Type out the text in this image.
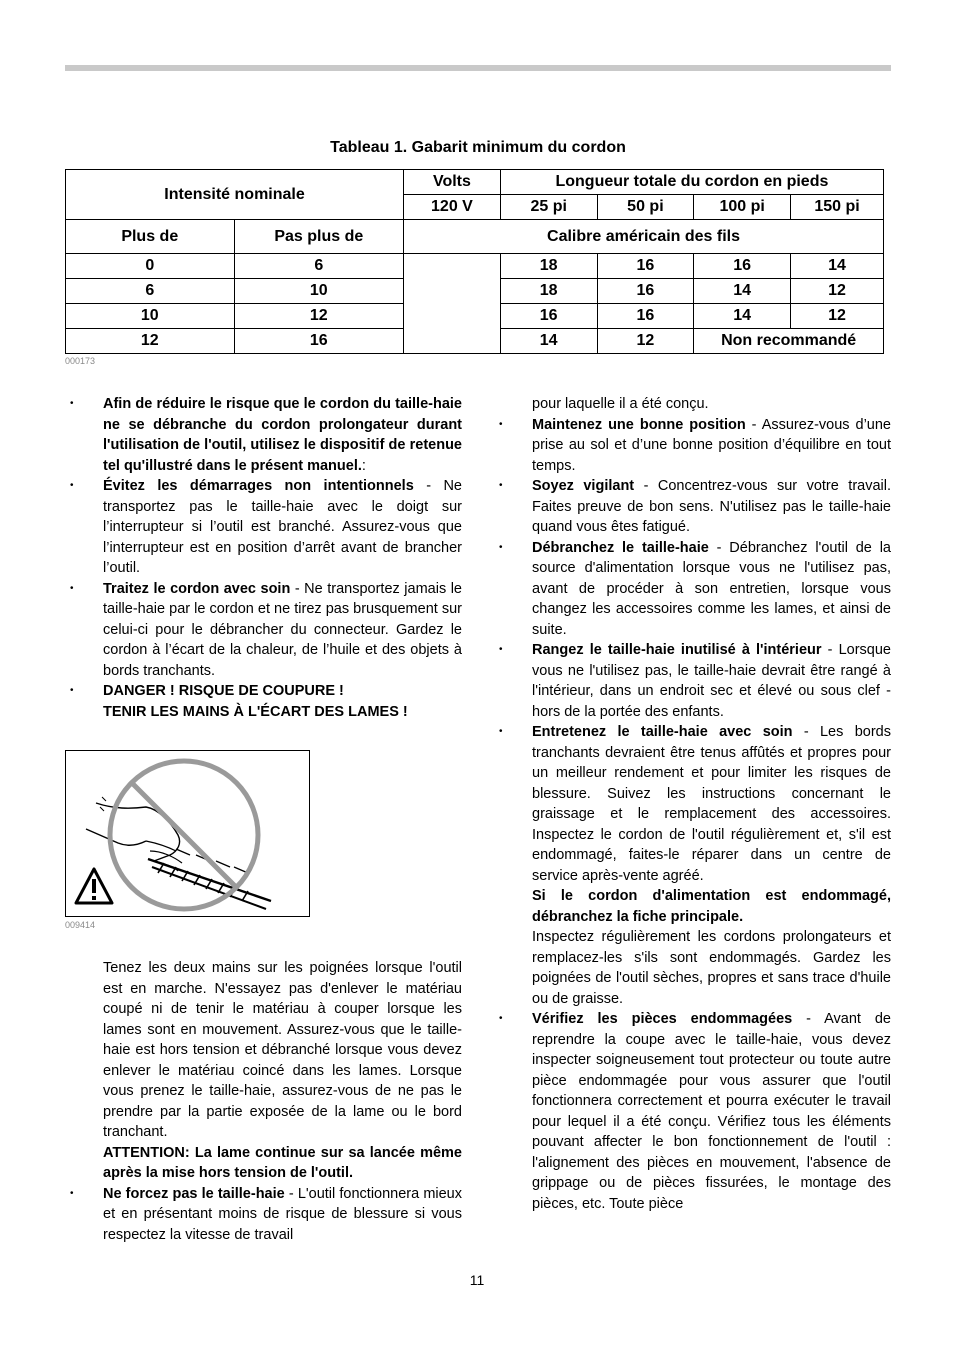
Tableau 1. Gabarit minimum du cordon
Intensité nominale		Volts	Longueur totale du cordon en pieds			
		120 V	25 pi	50 pi	100 pi	150 pi
Plus de	Pas plus de	Calibre américain des fils				
0	6		18	16	16	14
6	10		18	16	14	12
10	12		16	16	14	12
12	16		14	12	Non recommandé	
000173
• Afin de réduire le risque que le cordon du taille-haie ne se débranche du cordon prolongateur durant l'utilisation de l'outil, utilisez le dispositif de retenue tel qu'illustré dans le présent manuel.:

• Évitez les démarrages non intentionnels - Ne transportez pas le taille-haie avec le doigt sur l’interrupteur si l’outil est branché. Assurez-vous que l’interrupteur est en position d’arrêt avant de brancher l’outil.

• Traitez le cordon avec soin - Ne transportez jamais le taille-haie par le cordon et ne tirez pas brusquement sur celui-ci pour le débrancher du connecteur. Gardez le cordon à l’écart de la chaleur, de l’huile et des objets à bords tranchants.

• DANGER ! RISQUE DE COUPURE !

TENIR LES MAINS À L'ÉCART DES LAMES !

009414

Tenez les deux mains sur les poignées lorsque l'outil est en marche. N'essayez pas d'enlever le matériau coupé ni de tenir le matériau à couper lorsque les lames sont en mouvement. Assurez-vous que le taille-haie est hors tension et débranché lorsque vous devez enlever le matériau coincé dans les lames. Lorsque vous prenez le taille-haie, assurez-vous de ne pas le prendre par la partie exposée de la lame ou le bord tranchant.

ATTENTION: La lame continue sur sa lancée même après la mise hors tension de l'outil.

• Ne forcez pas le taille-haie - L'outil fonctionnera mieux et en présentant moins de risque de blessure si vous respectez la vitesse de travail

pour laquelle il a été conçu.

• Maintenez une bonne position - Assurez-vous d’une prise au sol et d’une bonne position d’équilibre en tout temps.

• Soyez vigilant - Concentrez-vous sur votre travail. Faites preuve de bon sens. N'utilisez pas le taille-haie quand vous êtes fatigué.

• Débranchez le taille-haie - Débranchez l'outil de la source d'alimentation lorsque vous ne l'utilisez pas, avant de procéder à son entretien, lorsque vous changez les accessoires comme les lames, et ainsi de suite.

• Rangez le taille-haie inutilisé à l'intérieur - Lorsque vous ne l'utilisez pas, le taille-haie devrait être rangé à l'intérieur, dans un endroit sec et élevé ou sous clef - hors de la portée des enfants.

• Entretenez le taille-haie avec soin - Les bords tranchants devraient être tenus affûtés et propres pour un meilleur rendement et pour limiter les risques de blessure. Suivez les instructions concernant le graissage et le remplacement des accessoires. Inspectez le cordon de l'outil régulièrement et, s'il est endommagé, faites-le réparer dans un centre de service après-vente agréé.

Si le cordon d'alimentation est endommagé, débranchez la fiche principale.

Inspectez régulièrement les cordons prolongateurs et remplacez-les s'ils sont endommagés. Gardez les poignées de l'outil sèches, propres et sans trace d'huile ou de graisse.

• Vérifiez les pièces endommagées - Avant de reprendre la coupe avec le taille-haie, vous devez inspecter soigneusement tout protecteur ou toute autre pièce endommagée pour vous assurer que l'outil fonctionnera correctement et pourra exécuter le travail pour lequel il a été conçu. Vérifiez tous les éléments pouvant affecter le bon fonctionnement de l'outil : l'alignement des pièces en mouvement, l'absence de grippage ou de pièces fissurées, le montage des pièces, etc. Toute pièce

11
